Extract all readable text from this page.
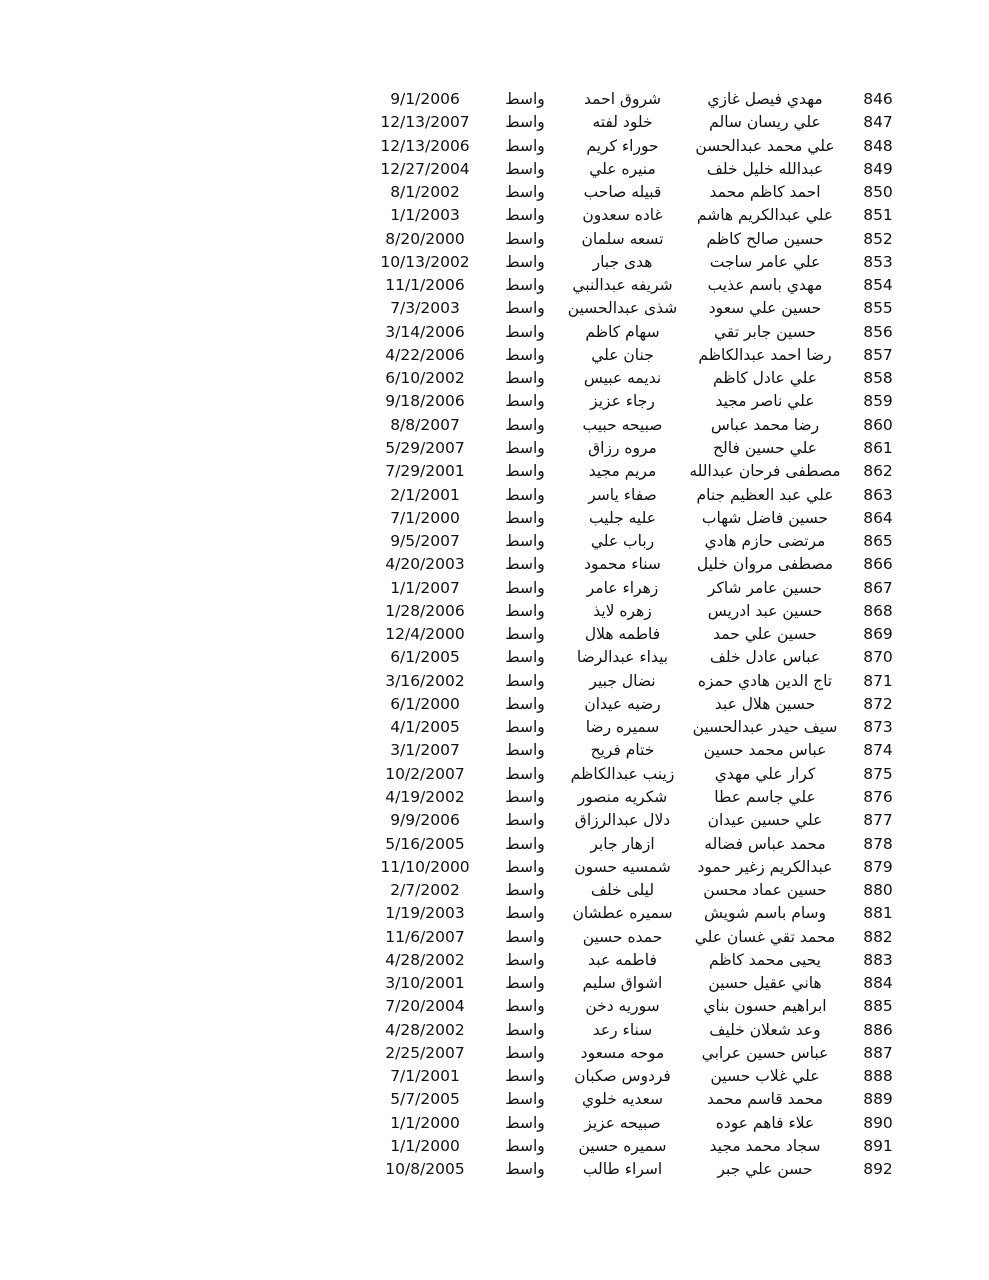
846
مهدي فيصل غازي
شروق احمد
واسط
9/1/2006
847
علي ريسان سالم
خلود لفته
واسط
12/13/2007
848
علي محمد عبدالحسن
حوراء كريم
واسط
12/13/2006
849
عبدالله خليل خلف
منيره علي
واسط
12/27/2004
850
احمد كاظم محمد
قبيله صاحب
واسط
8/1/2002
851
علي عبدالكريم هاشم
غاده سعدون
واسط
1/1/2003
852
حسين صالح كاظم
تسعه سلمان
واسط
8/20/2000
853
علي عامر ساجت
هدى جبار
واسط
10/13/2002
854
مهدي باسم عذيب
شريفه عبدالنبي
واسط
11/1/2006
855
حسين علي سعود
شذى عبدالحسين
واسط
7/3/2003
856
حسين جابر تقي
سهام كاظم
واسط
3/14/2006
857
رضا احمد عبدالكاظم
جنان علي
واسط
4/22/2006
858
علي عادل كاظم
نديمه عبيس
واسط
6/10/2002
859
علي ناصر مجيد
رجاء عزيز
واسط
9/18/2006
860
رضا محمد عباس
صبيحه حبيب
واسط
8/8/2007
861
علي حسين فالح
مروه رزاق
واسط
5/29/2007
862
مصطفى فرحان عبدالله
مريم مجيد
واسط
7/29/2001
863
علي عبد العظيم جنام
صفاء ياسر
واسط
2/1/2001
864
حسين فاضل شهاب
عليه جليب
واسط
7/1/2000
865
مرتضى حازم هادي
رباب علي
واسط
9/5/2007
866
مصطفى مروان خليل
سناء محمود
واسط
4/20/2003
867
حسين عامر شاكر
زهراء عامر
واسط
1/1/2007
868
حسين عبد ادريس
زهره لايذ
واسط
1/28/2006
869
حسين علي حمد
فاطمه هلال
واسط
12/4/2000
870
عباس عادل خلف
بيداء عبدالرضا
واسط
6/1/2005
871
تاج الدين هادي حمزه
نضال جبير
واسط
3/16/2002
872
حسين هلال عبد
رضيه عيدان
واسط
6/1/2000
873
سيف حيدر عبدالحسين
سميره رضا
واسط
4/1/2005
874
عباس محمد حسين
ختام فريح
واسط
3/1/2007
875
كرار علي مهدي
زينب عبدالكاظم
واسط
10/2/2007
876
علي جاسم عطا
شكريه منصور
واسط
4/19/2002
877
علي حسين عيدان
دلال عبدالرزاق
واسط
9/9/2006
878
محمد عباس فضاله
ازهار جابر
واسط
5/16/2005
879
عبدالكريم زغير حمود
شمسيه حسون
واسط
11/10/2000
880
حسين عماد محسن
ليلى خلف
واسط
2/7/2002
881
وسام باسم شويش
سميره عطشان
واسط
1/19/2003
882
محمد تقي غسان علي
حمده حسين
واسط
11/6/2007
883
يحيى محمد كاظم
فاطمه عبد
واسط
4/28/2002
884
هاني عقيل حسين
اشواق سليم
واسط
3/10/2001
885
ابراهيم حسون بناي
سوريه دخن
واسط
7/20/2004
886
وعد شعلان خليف
سناء رعد
واسط
4/28/2002
887
عباس حسين عرابي
موحه مسعود
واسط
2/25/2007
888
علي غلاب حسين
فردوس صكبان
واسط
7/1/2001
889
محمد قاسم محمد
سعديه خلوي
واسط
5/7/2005
890
علاء فاهم عوده
صبيحه عزيز
واسط
1/1/2000
891
سجاد محمد مجيد
سميره حسين
واسط
1/1/2000
892
حسن علي جبر
اسراء طالب
واسط
10/8/2005
